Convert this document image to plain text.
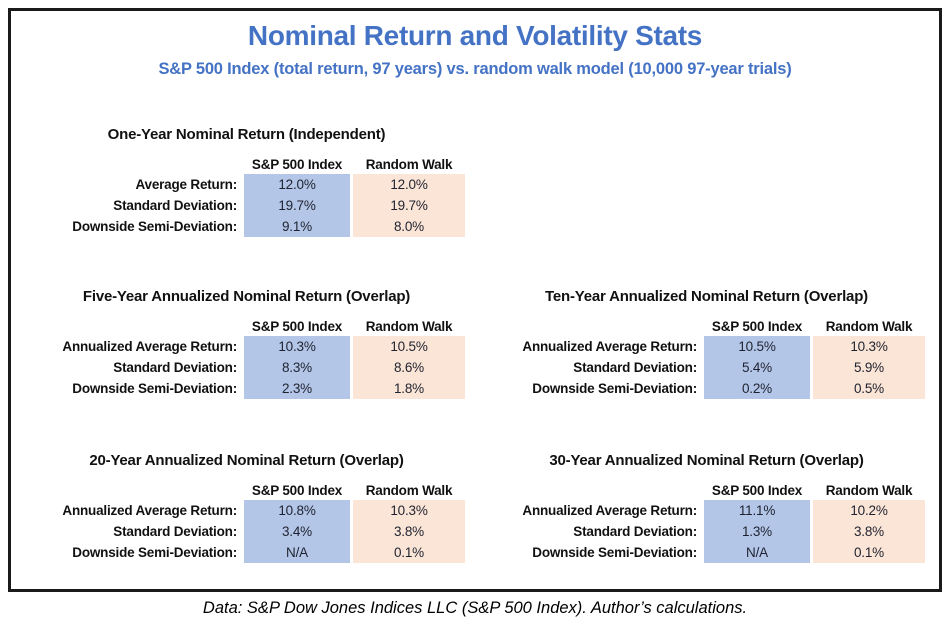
Nominal Return and Volatility Stats
S&P 500 Index (total return, 97 years) vs. random walk model (10,000 97-year trials)
One-Year Nominal Return (Independent)
S&P 500 Index	Random Walk
Average Return:	12.0%	12.0%
Standard Deviation:	19.7%	19.7%
Downside Semi-Deviation:	9.1%	8.0%
Five-Year Annualized Nominal Return (Overlap)
S&P 500 Index	Random Walk
Annualized Average Return:	10.3%	10.5%
Standard Deviation:	8.3%	8.6%
Downside Semi-Deviation:	2.3%	1.8%
Ten-Year Annualized Nominal Return (Overlap)
S&P 500 Index	Random Walk
Annualized Average Return:	10.5%	10.3%
Standard Deviation:	5.4%	5.9%
Downside Semi-Deviation:	0.2%	0.5%
20-Year Annualized Nominal Return (Overlap)
S&P 500 Index	Random Walk
Annualized Average Return:	10.8%	10.3%
Standard Deviation:	3.4%	3.8%
Downside Semi-Deviation:	N/A	0.1%
30-Year Annualized Nominal Return (Overlap)
S&P 500 Index	Random Walk
Annualized Average Return:	11.1%	10.2%
Standard Deviation:	1.3%	3.8%
Downside Semi-Deviation:	N/A	0.1%
Data: S&P Dow Jones Indices LLC (S&P 500 Index). Author’s calculations.
